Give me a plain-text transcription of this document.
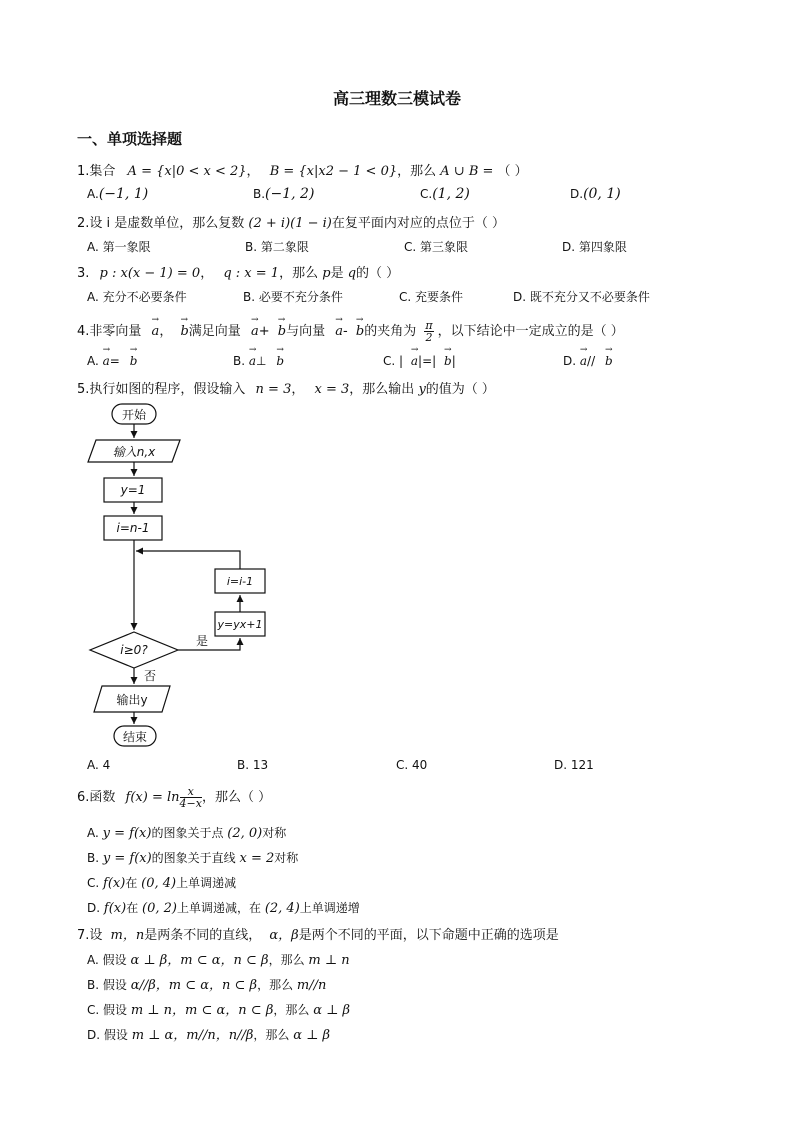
高三理数三模试卷
一、单项选择题
1.集合 A = {x|0 < x < 2}， B = {x|x2 − 1 < 0}，那么 A ∪ B = （ ）
A.(−1, 1)	B.(−1, 2)	C.(1, 2)	D.(0, 1)
2.设 i 是虚数单位，那么复数 (2 + i)(1 − i)在复平面内对应的点位于（ ）
A. 第一象限	B. 第二象限	C. 第三象限	D. 第四象限
3. p : x(x − 1) = 0， q : x = 1，那么 p是 q的（ ）
A. 充分不必要条件	B. 必要不充分条件	C. 充要条件	D. 既不充分又不必要条件
4.非零向量 → a， → b满足向量 → a+ → b与向量 → a- → b的夹角为 $\frac{\pi}{2}$ ，以下结论中一定成立的是（ ）
A. → a= → b	B. → a⊥ → b	C. | → a|=| → b|	D. → a// → b
5.执行如图的程序，假设输入 n = 3， x = 3，那么输出 y的值为（ ）
开始
输入n,x
y=1
i=n-1
i≥0?
是
否
y=yx+1
i=i-1
输出y
结束
A. 4	B. 13	C. 40	D. 121
6.函数 $f(x) = \ln \frac{x}{4-x}$ ，那么（ ）
A. y = f(x)的图象关于点 (2, 0)对称
B. y = f(x)的图象关于直线 x = 2对称
C. f(x)在 (0, 4)上单调递减
D. f(x)在 (0, 2)上单调递减，在 (2, 4)上单调递增
7.设 m，n是两条不同的直线， α，β是两个不同的平面，以下命题中正确的选项是
A. 假设 α ⊥ β，m ⊂ α，n ⊂ β，那么 m ⊥ n
B. 假设 α//β，m ⊂ α，n ⊂ β，那么 m//n
C. 假设 m ⊥ n，m ⊂ α，n ⊂ β，那么 α ⊥ β
D. 假设 m ⊥ α，m//n，n//β，那么 α ⊥ β
